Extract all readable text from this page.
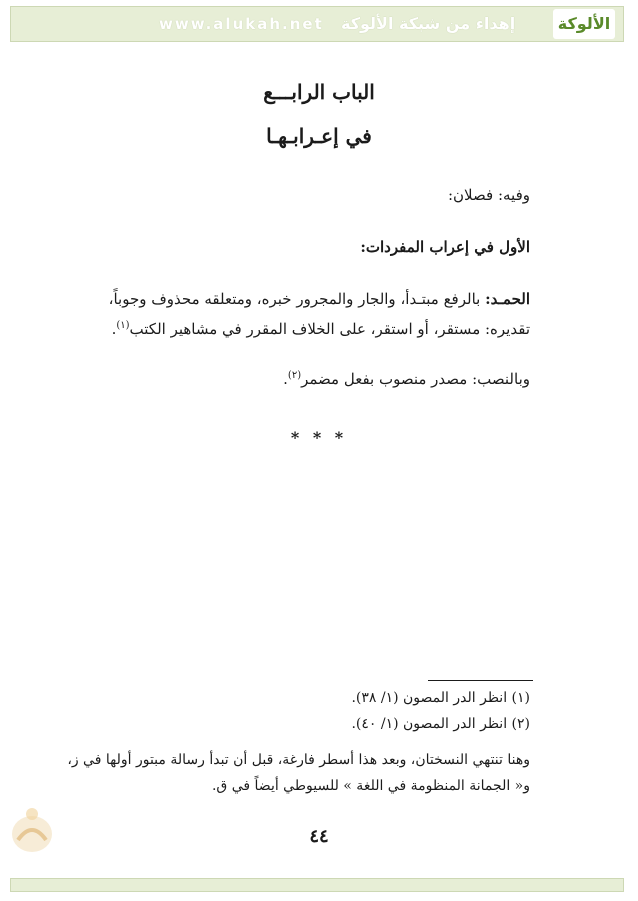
www.alukah.net إهداء من شبكة الألوكة	الألوكة
الباب الرابـــع
في إعـرابـهـا
وفيه: فصلان:
الأول في إعراب المفردات:
الحمـد: بالرفع مبتـدأ، والجار والمجرور خبره، ومتعلقه محذوف وجوباً،
تقديره: مستقر، أو استقر، على الخلاف المقرر في مشاهير الكتب$^{(١)}$.
وبالنصب: مصدر منصوب بفعل مضمر$^{(٢)}$.
* * *
(١) انظر الدر المصون (١/ ٣٨).
(٢) انظر الدر المصون (١/ ٤٠).
وهنا تنتهي النسختان، وبعد هذا أسطر فارغة، قبل أن تبدأ رسالة مبتور أولها في ز،
و« الجمانة المنظومة في اللغة » للسيوطي أيضاً في ق.
٤٤
